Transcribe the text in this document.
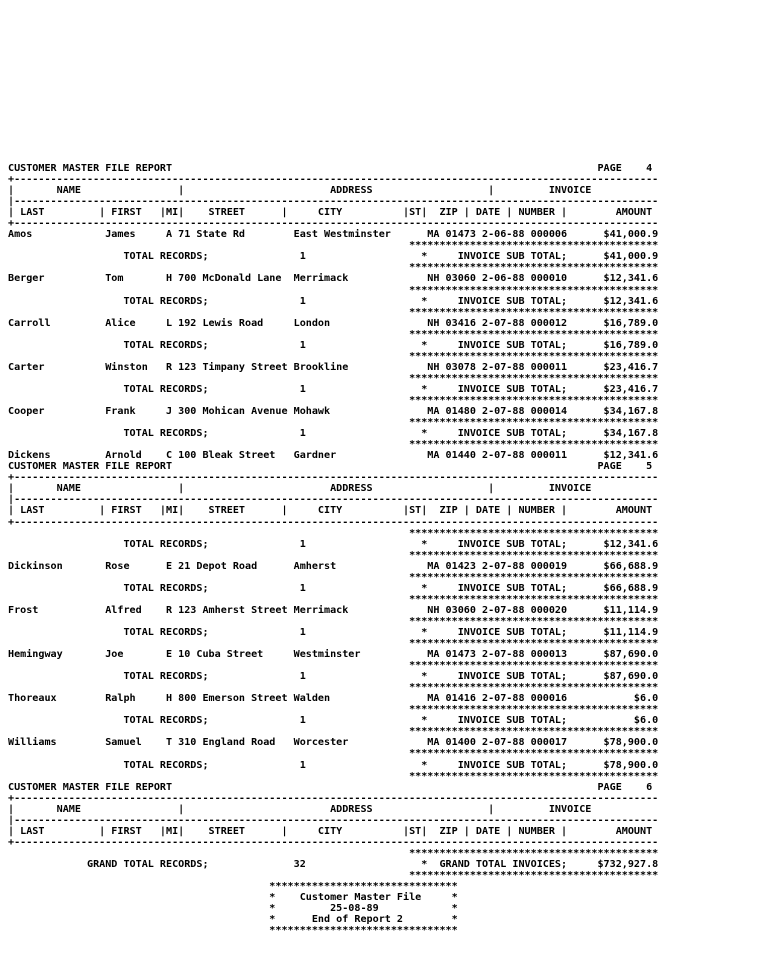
CUSTOMER MASTER FILE REPORT                                                                      PAGE    4
+----------------------------------------------------------------------------------------------------------
|       NAME                |                        ADDRESS                   |         INVOICE
|----------------------------------------------------------------------------------------------------------
| LAST         | FIRST   |MI|    STREET      |     CITY          |ST|  ZIP | DATE | NUMBER |        AMOUNT
+----------------------------------------------------------------------------------------------------------
Amos            James     A 71 State Rd        East Westminster      MA 01473 2-06-88 000006      $41,000.9
*****************************************
TOTAL RECORDS;               1                   *     INVOICE SUB TOTAL;      $41,000.9
*****************************************
Berger          Tom       H 700 McDonald Lane  Merrimack             NH 03060 2-06-88 000010      $12,341.6
*****************************************
TOTAL RECORDS;               1                   *     INVOICE SUB TOTAL;      $12,341.6
*****************************************
Carroll         Alice     L 192 Lewis Road     London                NH 03416 2-07-88 000012      $16,789.0
*****************************************
TOTAL RECORDS;               1                   *     INVOICE SUB TOTAL;      $16,789.0
*****************************************
Carter          Winston   R 123 Timpany Street Brookline             NH 03078 2-07-88 000011      $23,416.7
*****************************************
TOTAL RECORDS;               1                   *     INVOICE SUB TOTAL;      $23,416.7
*****************************************
Cooper          Frank     J 300 Mohican Avenue Mohawk                MA 01480 2-07-88 000014      $34,167.8
*****************************************
TOTAL RECORDS;               1                   *     INVOICE SUB TOTAL;      $34,167.8
*****************************************
Dickens         Arnold    C 100 Bleak Street   Gardner               MA 01440 2-07-88 000011      $12,341.6
CUSTOMER MASTER FILE REPORT                                                                      PAGE    5
+----------------------------------------------------------------------------------------------------------
|       NAME                |                        ADDRESS                   |         INVOICE
|----------------------------------------------------------------------------------------------------------
| LAST         | FIRST   |MI|    STREET      |     CITY          |ST|  ZIP | DATE | NUMBER |        AMOUNT
+----------------------------------------------------------------------------------------------------------
*****************************************
TOTAL RECORDS;               1                   *     INVOICE SUB TOTAL;      $12,341.6
*****************************************
Dickinson       Rose      E 21 Depot Road      Amherst               MA 01423 2-07-88 000019      $66,688.9
*****************************************
TOTAL RECORDS;               1                   *     INVOICE SUB TOTAL;      $66,688.9
*****************************************
Frost           Alfred    R 123 Amherst Street Merrimack             NH 03060 2-07-88 000020      $11,114.9
*****************************************
TOTAL RECORDS;               1                   *     INVOICE SUB TOTAL;      $11,114.9
*****************************************
Hemingway       Joe       E 10 Cuba Street     Westminster           MA 01473 2-07-88 000013      $87,690.0
*****************************************
TOTAL RECORDS;               1                   *     INVOICE SUB TOTAL;      $87,690.0
*****************************************
Thoreaux        Ralph     H 800 Emerson Street Walden                MA 01416 2-07-88 000016           $6.0
*****************************************
TOTAL RECORDS;               1                   *     INVOICE SUB TOTAL;           $6.0
*****************************************
Williams        Samuel    T 310 England Road   Worcester             MA 01400 2-07-88 000017      $78,900.0
*****************************************
TOTAL RECORDS;               1                   *     INVOICE SUB TOTAL;      $78,900.0
*****************************************
CUSTOMER MASTER FILE REPORT                                                                      PAGE    6
+----------------------------------------------------------------------------------------------------------
|       NAME                |                        ADDRESS                   |         INVOICE
|----------------------------------------------------------------------------------------------------------
| LAST         | FIRST   |MI|    STREET      |     CITY          |ST|  ZIP | DATE | NUMBER |        AMOUNT
+----------------------------------------------------------------------------------------------------------
*****************************************
GRAND TOTAL RECORDS;              32                   *  GRAND TOTAL INVOICES;     $732,927.8
*****************************************
*******************************
*    Customer Master File     *
*         25-08-89            *
*      End of Report 2        *
*******************************
